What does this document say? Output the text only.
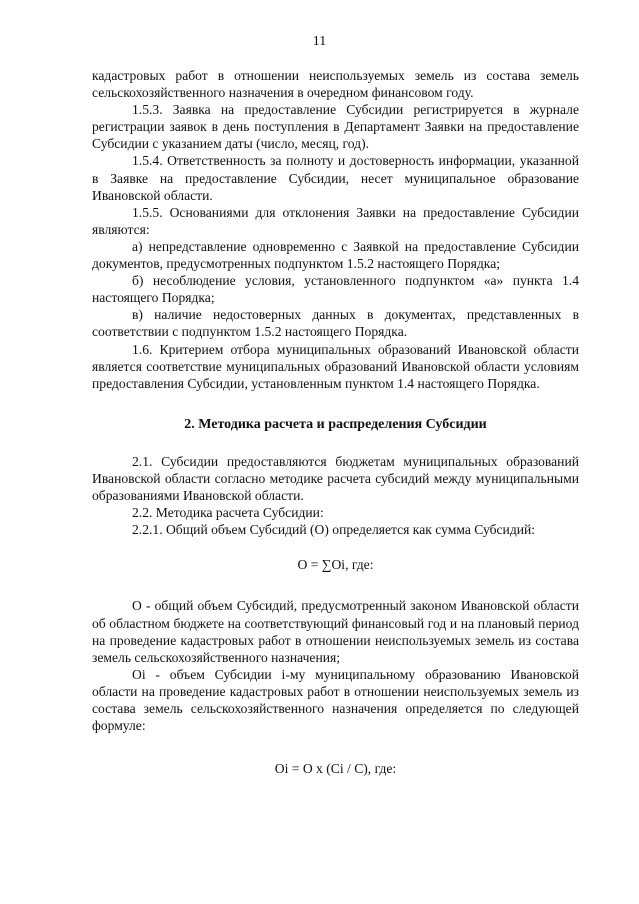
11

кадастровых работ в отношении неиспользуемых земель из состава земель сельскохозяйственного назначения в очередном финансовом году.

1.5.3. Заявка на предоставление Субсидии регистрируется в журнале регистрации заявок в день поступления в Департамент Заявки на предоставление Субсидии с указанием даты (число, месяц, год).

1.5.4. Ответственность за полноту и достоверность информации, указанной в Заявке на предоставление Субсидии, несет муниципальное образование Ивановской области.

1.5.5. Основаниями для отклонения Заявки на предоставление Субсидии являются:

а) непредставление одновременно с Заявкой на предоставление Субсидии документов, предусмотренных подпунктом 1.5.2 настоящего Порядка;

б) несоблюдение условия, установленного подпунктом «а» пункта 1.4 настоящего Порядка;

в) наличие недостоверных данных в документах, представленных в соответствии с подпунктом 1.5.2 настоящего Порядка.

1.6. Критерием отбора муниципальных образований Ивановской области является соответствие муниципальных образований Ивановской области условиям предоставления Субсидии, установленным пунктом 1.4 настоящего Порядка.

2. Методика расчета и распределения Субсидии

2.1. Субсидии предоставляются бюджетам муниципальных образований Ивановской области согласно методике расчета субсидий между муниципальными образованиями Ивановской области.

2.2. Методика расчета Субсидии:

2.2.1. Общий объем Субсидий (О) определяется как сумма Субсидий:

О = ∑Оi, где:

О - общий объем Субсидий, предусмотренный законом Ивановской области об областном бюджете на соответствующий финансовый год и на плановый период на проведение кадастровых работ в отношении неиспользуемых земель из состава земель сельскохозяйственного назначения;

Оi - объем Субсидии i-му муниципальному образованию Ивановской области на проведение кадастровых работ в отношении неиспользуемых земель из состава земель сельскохозяйственного назначения определяется по следующей формуле:

Оi = О x (Ci / С), где:
